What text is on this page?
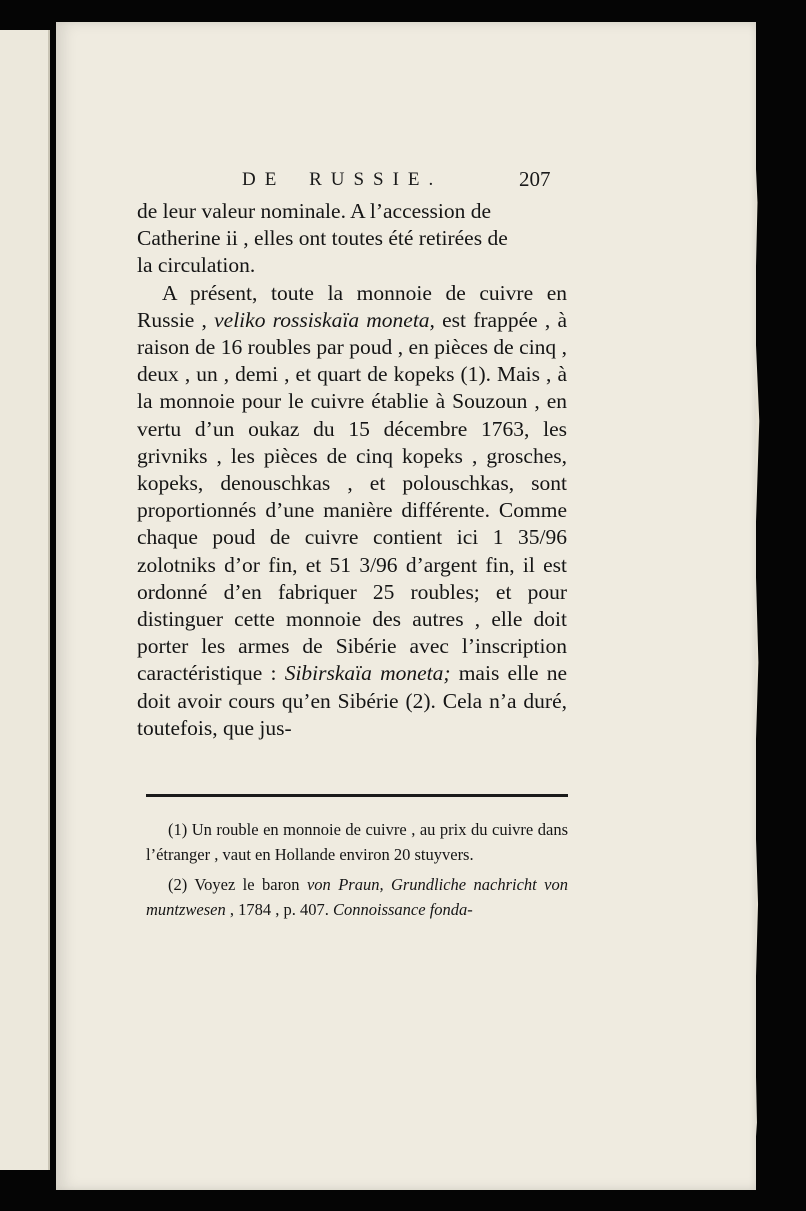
DE RUSSIE.	207

de leur valeur nominale. A l’accession de
Catherine ii , elles ont toutes été retirées de
la circulation.

A présent, toute la monnoie de cuivre en Russie , veliko rossiskaïa moneta, est frappée , à raison de 16 roubles par poud , en pièces de cinq , deux , un , demi , et quart de kopeks (1). Mais , à la monnoie pour le cuivre établie à Souzoun , en vertu d’un oukaz du 15 décembre 1763, les grivniks , les pièces de cinq kopeks , grosches, kopeks, denouschkas , et polouschkas, sont proportionnés d’une manière différente. Comme chaque poud de cuivre contient ici 1 35/96 zolotniks d’or fin, et 51 3/96 d’argent fin, il est ordonné d’en fabriquer 25 roubles; et pour distinguer cette monnoie des autres , elle doit porter les armes de Sibérie avec l’inscription caractéristique : Sibirskaïa moneta; mais elle ne doit avoir cours qu’en Sibérie (2). Cela n’a duré, toutefois, que jus-

(1) Un rouble en monnoie de cuivre , au prix du cuivre dans l’étranger , vaut en Hollande environ 20 stuyvers.

(2) Voyez le baron von Praun, Grundliche nachricht von muntzwesen , 1784 , p. 407. Connoissance fonda-
